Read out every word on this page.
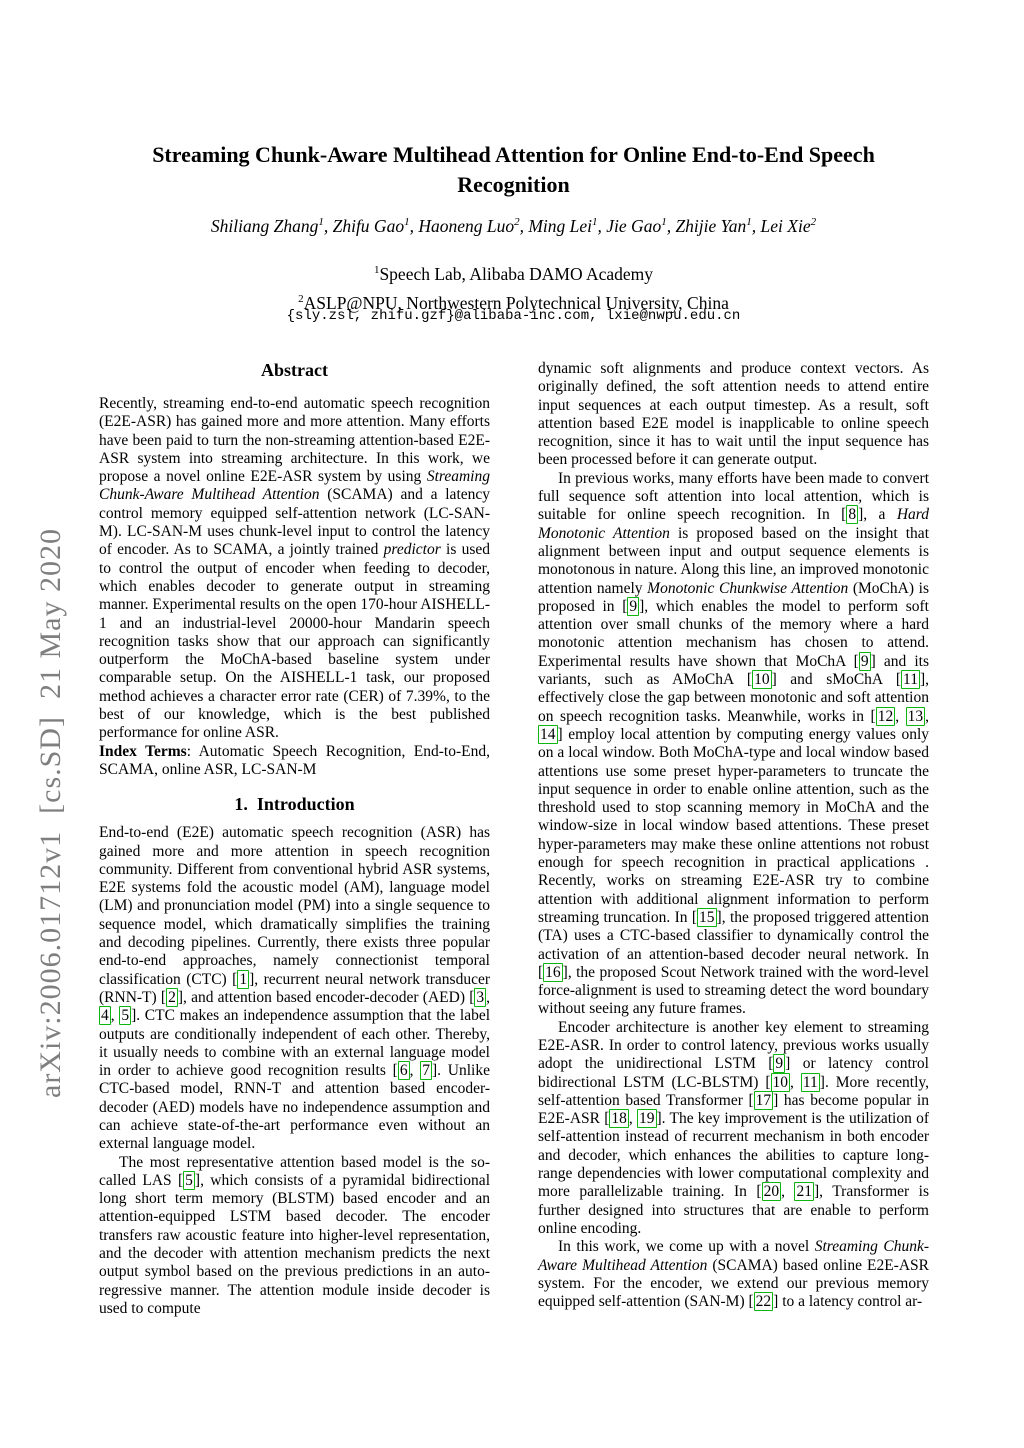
arXiv:2006.01712v1  [cs.SD]  21 May 2020
Streaming Chunk-Aware Multihead Attention for Online End-to-End Speech Recognition
Shiliang Zhang$^1$, Zhifu Gao$^1$, Haoneng Luo$^2$, Ming Lei$^1$, Jie Gao$^1$, Zhijie Yan$^1$, Lei Xie$^2$
$^1$Speech Lab, Alibaba DAMO Academy
$^2$ASLP@NPU, Northwestern Polytechnical University, China
{sly.zsl, zhifu.gzf}@alibaba-inc.com, lxie@nwpu.edu.cn
Abstract

Recently, streaming end-to-end automatic speech recognition (E2E-ASR) has gained more and more attention. Many efforts have been paid to turn the non-streaming attention-based E2E-ASR system into streaming architecture. In this work, we propose a novel online E2E-ASR system by using Streaming Chunk-Aware Multihead Attention (SCAMA) and a latency control memory equipped self-attention network (LC-SAN-M). LC-SAN-M uses chunk-level input to control the latency of encoder. As to SCAMA, a jointly trained predictor is used to control the output of encoder when feeding to decoder, which enables decoder to generate output in streaming manner. Experimental results on the open 170-hour AISHELL-1 and an industrial-level 20000-hour Mandarin speech recognition tasks show that our approach can significantly outperform the MoChA-based baseline system under comparable setup. On the AISHELL-1 task, our proposed method achieves a character error rate (CER) of 7.39%, to the best of our knowledge, which is the best published performance for online ASR.

Index Terms: Automatic Speech Recognition, End-to-End, SCAMA, online ASR, LC-SAN-M

1. Introduction

End-to-end (E2E) automatic speech recognition (ASR) has gained more and more attention in speech recognition community. Different from conventional hybrid ASR systems, E2E systems fold the acoustic model (AM), language model (LM) and pronunciation model (PM) into a single sequence to sequence model, which dramatically simplifies the training and decoding pipelines. Currently, there exists three popular end-to-end approaches, namely connectionist temporal classification (CTC) [ 1 ], recurrent neural network transducer (RNN-T) [ 2 ], and attention based encoder-decoder (AED) [ 3 , 4 , 5 ]. CTC makes an independence assumption that the label outputs are conditionally independent of each other. Thereby, it usually needs to combine with an external language model in order to achieve good recognition results [ 6 , 7 ]. Unlike CTC-based model, RNN-T and attention based encoder-decoder (AED) models have no independence assumption and can achieve state-of-the-art performance even without an external language model.

The most representative attention based model is the so-called LAS [ 5 ], which consists of a pyramidal bidirectional long short term memory (BLSTM) based encoder and an attention-equipped LSTM based decoder. The encoder transfers raw acoustic feature into higher-level representation, and the decoder with attention mechanism predicts the next output symbol based on the previous predictions in an auto-regressive manner. The attention module inside decoder is used to compute

dynamic soft alignments and produce context vectors. As originally defined, the soft attention needs to attend entire input sequences at each output timestep. As a result, soft attention based E2E model is inapplicable to online speech recognition, since it has to wait until the input sequence has been processed before it can generate output.

In previous works, many efforts have been made to convert full sequence soft attention into local attention, which is suitable for online speech recognition. In [ 8 ], a Hard Monotonic Attention is proposed based on the insight that alignment between input and output sequence elements is monotonous in nature. Along this line, an improved monotonic attention namely Monotonic Chunkwise Attention (MoChA) is proposed in [ 9 ], which enables the model to perform soft attention over small chunks of the memory where a hard monotonic attention mechanism has chosen to attend. Experimental results have shown that MoChA [ 9 ] and its variants, such as AMoChA [ 10 ] and sMoChA [ 11 ], effectively close the gap between monotonic and soft attention on speech recognition tasks. Meanwhile, works in [ 12 , 13 , 14 ] employ local attention by computing energy values only on a local window. Both MoChA-type and local window based attentions use some preset hyper-parameters to truncate the input sequence in order to enable online attention, such as the threshold used to stop scanning memory in MoChA and the window-size in local window based attentions. These preset hyper-parameters may make these online attentions not robust enough for speech recognition in practical applications . Recently, works on streaming E2E-ASR try to combine attention with additional alignment information to perform streaming truncation. In [ 15 ], the proposed triggered attention (TA) uses a CTC-based classifier to dynamically control the activation of an attention-based decoder neural network. In [ 16 ], the proposed Scout Network trained with the word-level force-alignment is used to streaming detect the word boundary without seeing any future frames.

Encoder architecture is another key element to streaming E2E-ASR. In order to control latency, previous works usually adopt the unidirectional LSTM [ 9 ] or latency control bidirectional LSTM (LC-BLSTM) [ 10 , 11 ]. More recently, self-attention based Transformer [ 17 ] has become popular in E2E-ASR [ 18 , 19 ]. The key improvement is the utilization of self-attention instead of recurrent mechanism in both encoder and decoder, which enhances the abilities to capture long-range dependencies with lower computational complexity and more parallelizable training. In [ 20 , 21 ], Transformer is further designed into structures that are enable to perform online encoding.

In this work, we come up with a novel Streaming Chunk-Aware Multihead Attention (SCAMA) based online E2E-ASR system. For the encoder, we extend our previous memory equipped self-attention (SAN-M) [ 22 ] to a latency control ar-
